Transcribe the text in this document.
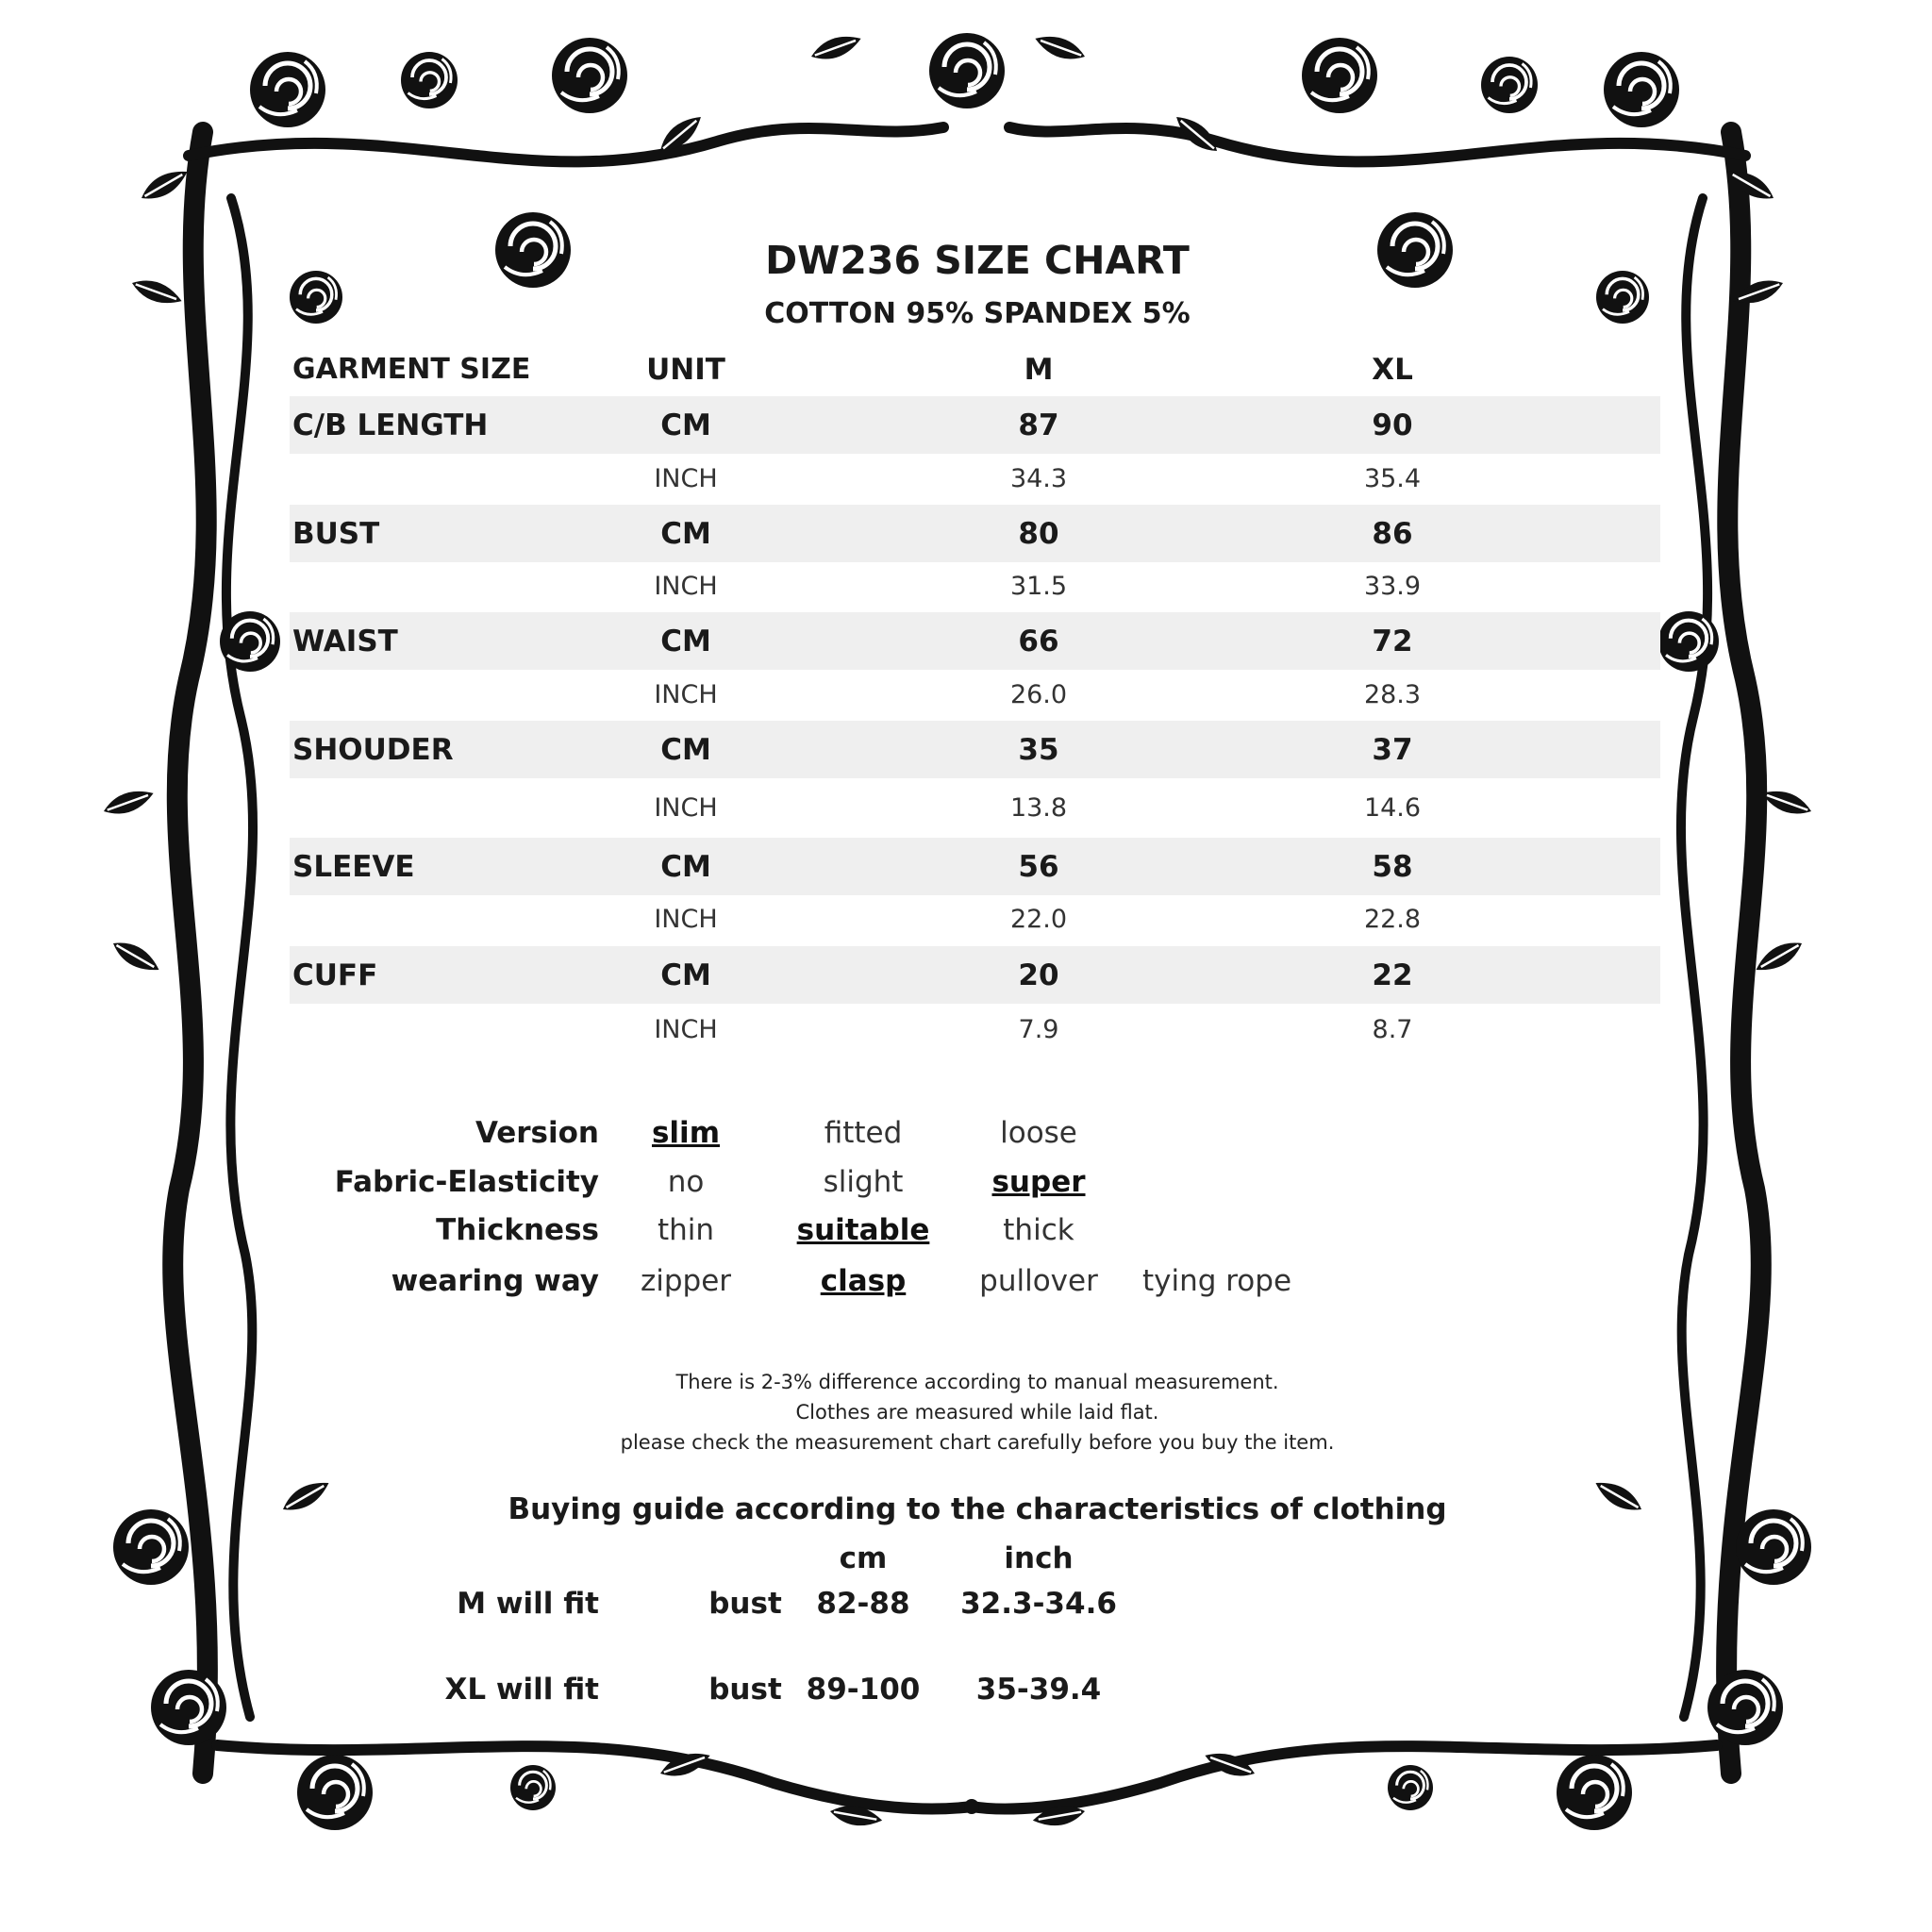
DW236 SIZE CHART
COTTON 95% SPANDEX 5%
GARMENT SIZE	UNIT	M	XL
C/B LENGTH	CM	87	90
INCH	34.3	35.4
BUST	CM	80	86
INCH	31.5	33.9
WAIST	CM	66	72
INCH	26.0	28.3
SHOUDER	CM	35	37
INCH	13.8	14.6
SLEEVE	CM	56	58
INCH	22.0	22.8
CUFF	CM	20	22
INCH	7.9	8.7
Version	slim	fitted	loose
Fabric-Elasticity	no	slight	super
Thickness	thin	suitable	thick
wearing way	zipper	clasp	pullover	tying rope
There is 2-3% difference according to manual measurement.
Clothes are measured while laid flat.
please check the measurement chart carefully before you buy the item.
Buying guide according to the characteristics of clothing
cm	inch
M will fit	bust	82-88	32.3-34.6
XL will fit	bust 89-100	35-39.4
